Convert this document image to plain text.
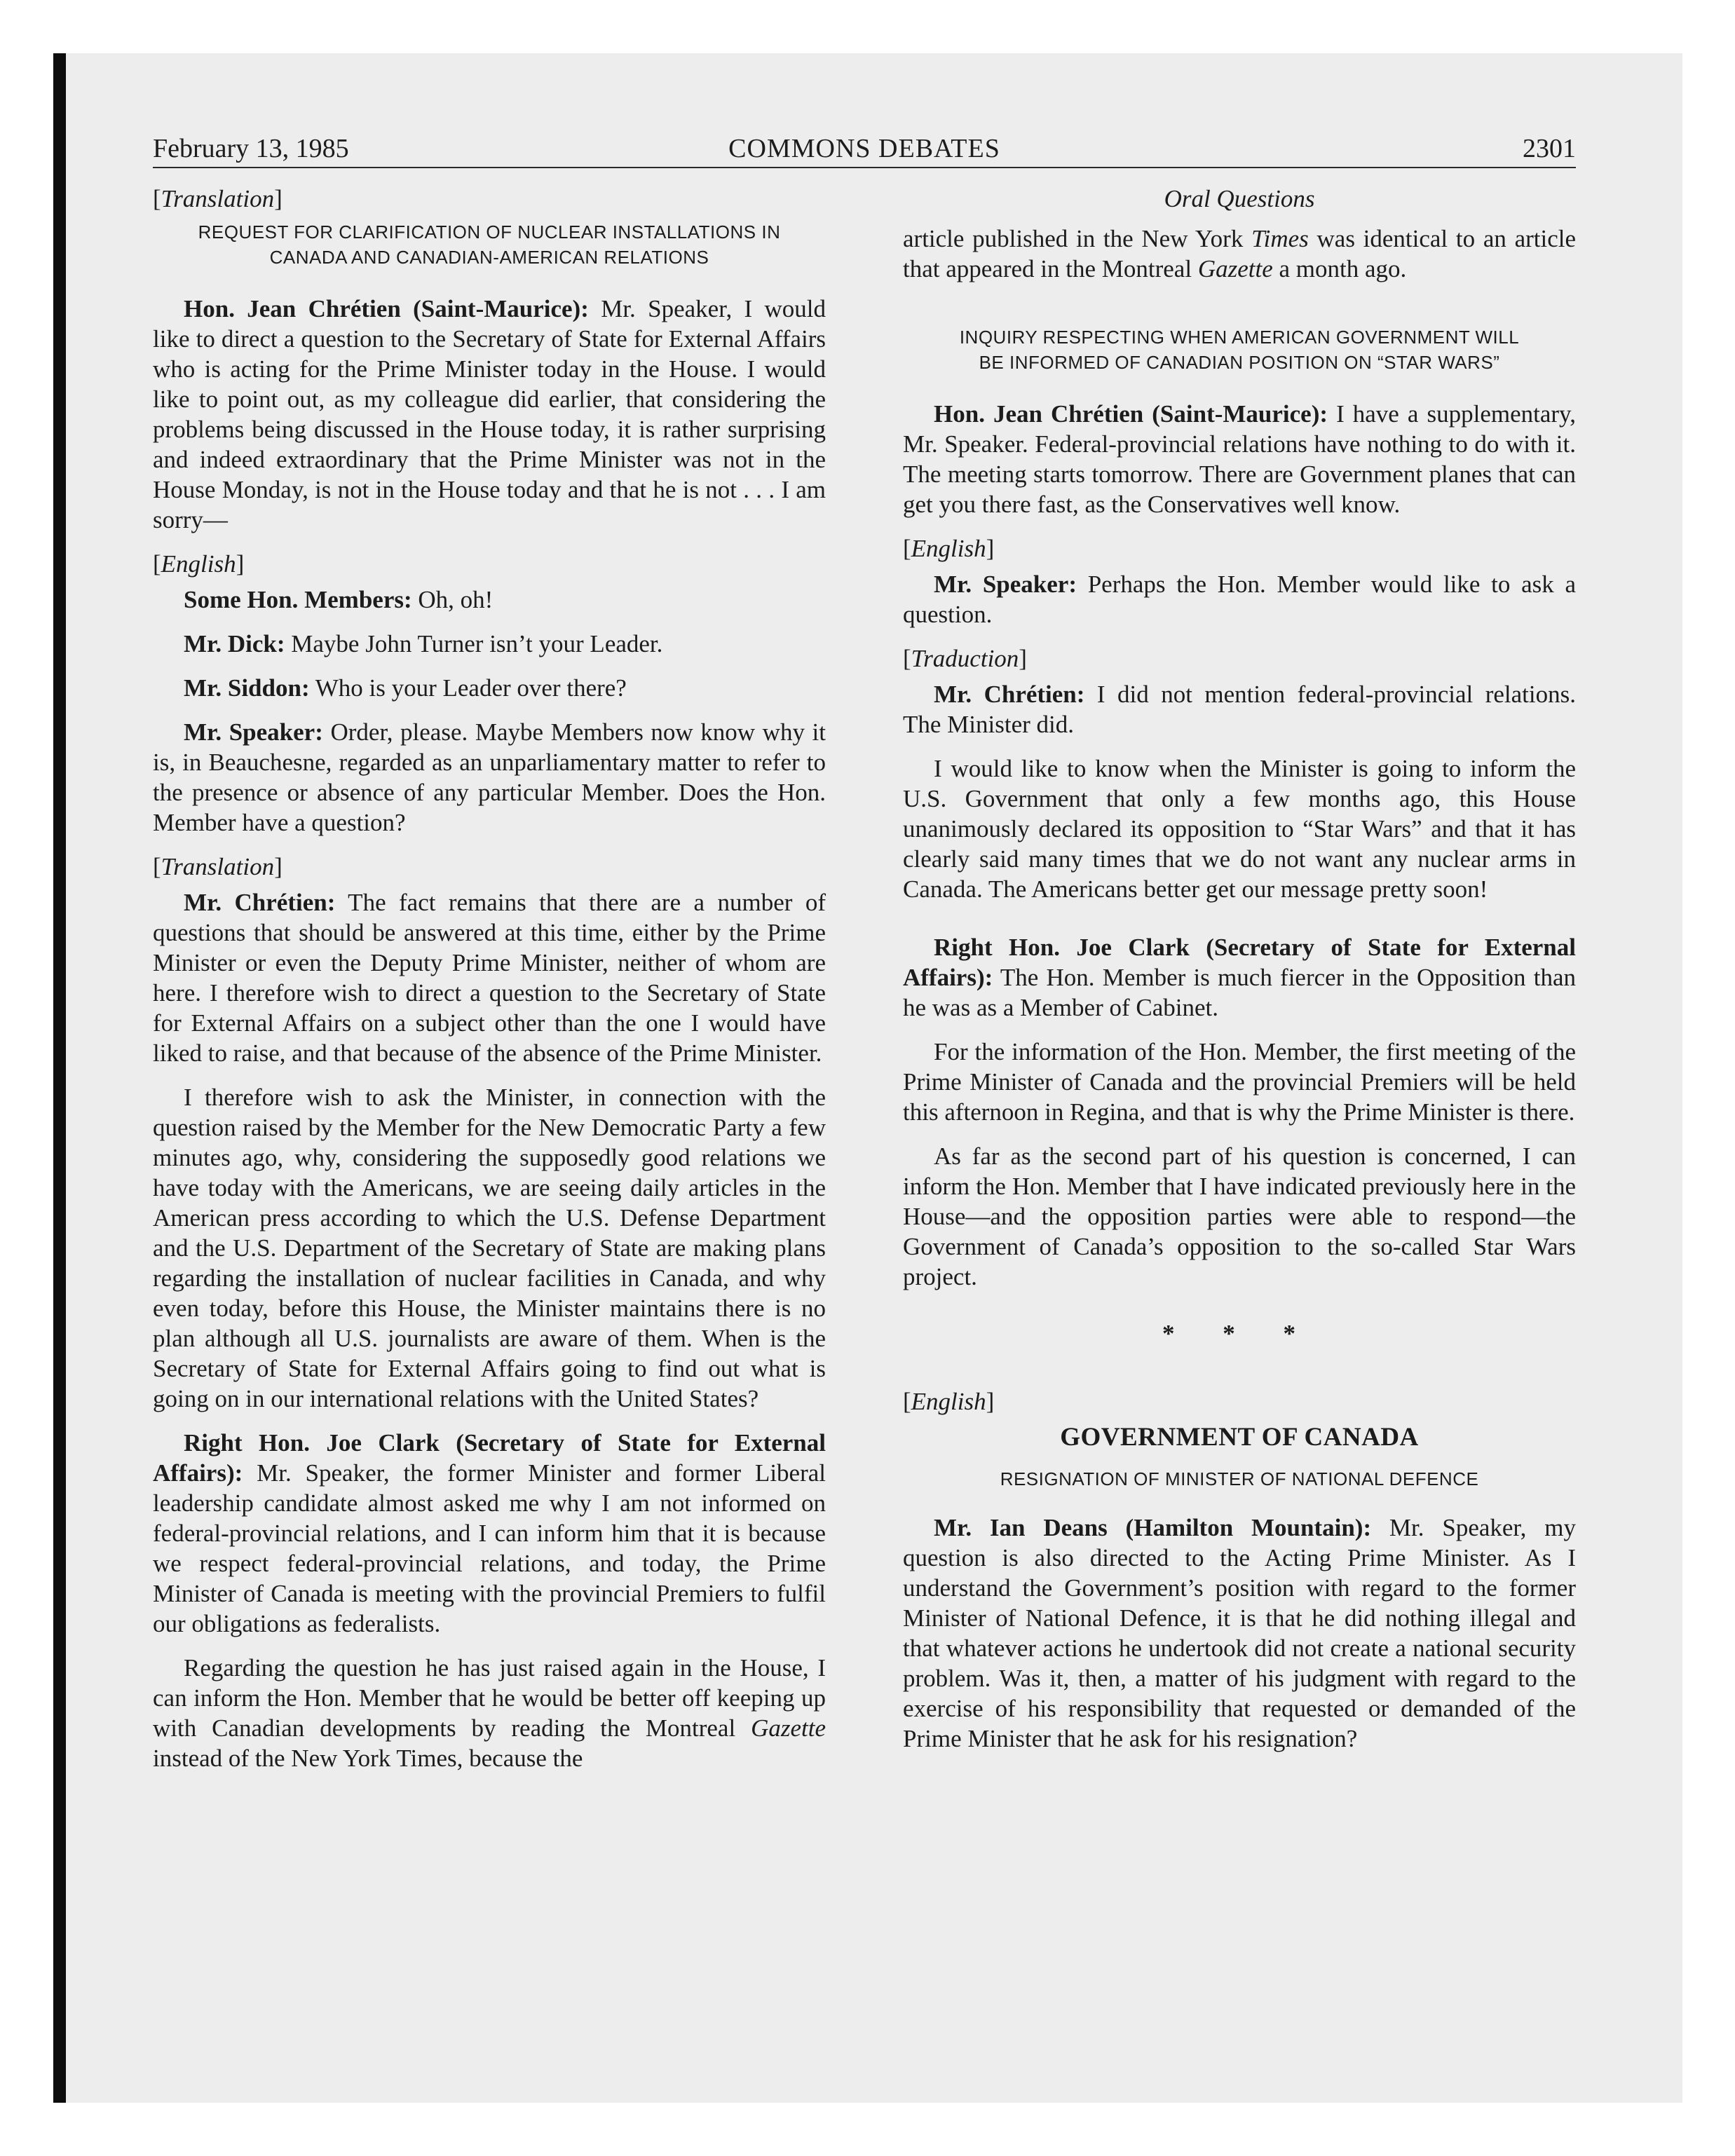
February 13, 1985	COMMONS DEBATES	2301
[Translation]
REQUEST FOR CLARIFICATION OF NUCLEAR INSTALLATIONS IN
CANADA AND CANADIAN-AMERICAN RELATIONS

Hon. Jean Chrétien (Saint-Maurice): Mr. Speaker, I would like to direct a question to the Secretary of State for External Affairs who is acting for the Prime Minister today in the House. I would like to point out, as my colleague did earlier, that considering the problems being discussed in the House today, it is rather surprising and indeed extraordinary that the Prime Minister was not in the House Monday, is not in the House today and that he is not . . . I am sorry—

[English]

Some Hon. Members: Oh, oh!

Mr. Dick: Maybe John Turner isn’t your Leader.

Mr. Siddon: Who is your Leader over there?

Mr. Speaker: Order, please. Maybe Members now know why it is, in Beauchesne, regarded as an unparliamentary matter to refer to the presence or absence of any particular Member. Does the Hon. Member have a question?

[Translation]

Mr. Chrétien: The fact remains that there are a number of questions that should be answered at this time, either by the Prime Minister or even the Deputy Prime Minister, neither of whom are here. I therefore wish to direct a question to the Secretary of State for External Affairs on a subject other than the one I would have liked to raise, and that because of the absence of the Prime Minister.

I therefore wish to ask the Minister, in connection with the question raised by the Member for the New Democratic Party a few minutes ago, why, considering the supposedly good relations we have today with the Americans, we are seeing daily articles in the American press according to which the U.S. Defense Department and the U.S. Department of the Secretary of State are making plans regarding the installation of nuclear facilities in Canada, and why even today, before this House, the Minister maintains there is no plan although all U.S. journalists are aware of them. When is the Secretary of State for External Affairs going to find out what is going on in our international relations with the United States?

Right Hon. Joe Clark (Secretary of State for External Affairs): Mr. Speaker, the former Minister and former Liberal leadership candidate almost asked me why I am not informed on federal-provincial relations, and I can inform him that it is because we respect federal-provincial relations, and today, the Prime Minister of Canada is meeting with the provincial Premiers to fulfil our obligations as federalists.

Regarding the question he has just raised again in the House, I can inform the Hon. Member that he would be better off keeping up with Canadian developments by reading the Montreal Gazette instead of the New York Times, because the

Oral Questions

article published in the New York Times was identical to an article that appeared in the Montreal Gazette a month ago.

INQUIRY RESPECTING WHEN AMERICAN GOVERNMENT WILL
BE INFORMED OF CANADIAN POSITION ON “STAR WARS”

Hon. Jean Chrétien (Saint-Maurice): I have a supplementary, Mr. Speaker. Federal-provincial relations have nothing to do with it. The meeting starts tomorrow. There are Government planes that can get you there fast, as the Conservatives well know.

[English]

Mr. Speaker: Perhaps the Hon. Member would like to ask a question.

[Traduction]

Mr. Chrétien: I did not mention federal-provincial relations. The Minister did.

I would like to know when the Minister is going to inform the U.S. Government that only a few months ago, this House unanimously declared its opposition to “Star Wars” and that it has clearly said many times that we do not want any nuclear arms in Canada. The Americans better get our message pretty soon!

Right Hon. Joe Clark (Secretary of State for External Affairs): The Hon. Member is much fiercer in the Opposition than he was as a Member of Cabinet.

For the information of the Hon. Member, the first meeting of the Prime Minister of Canada and the provincial Premiers will be held this afternoon in Regina, and that is why the Prime Minister is there.

As far as the second part of his question is concerned, I can inform the Hon. Member that I have indicated previously here in the House—and the opposition parties were able to respond—the Government of Canada’s opposition to the so-called Star Wars project.

* * *
[English]
GOVERNMENT OF CANADA
RESIGNATION OF MINISTER OF NATIONAL DEFENCE

Mr. Ian Deans (Hamilton Mountain): Mr. Speaker, my question is also directed to the Acting Prime Minister. As I understand the Government’s position with regard to the former Minister of National Defence, it is that he did nothing illegal and that whatever actions he undertook did not create a national security problem. Was it, then, a matter of his judgment with regard to the exercise of his responsibility that requested or demanded of the Prime Minister that he ask for his resignation?
